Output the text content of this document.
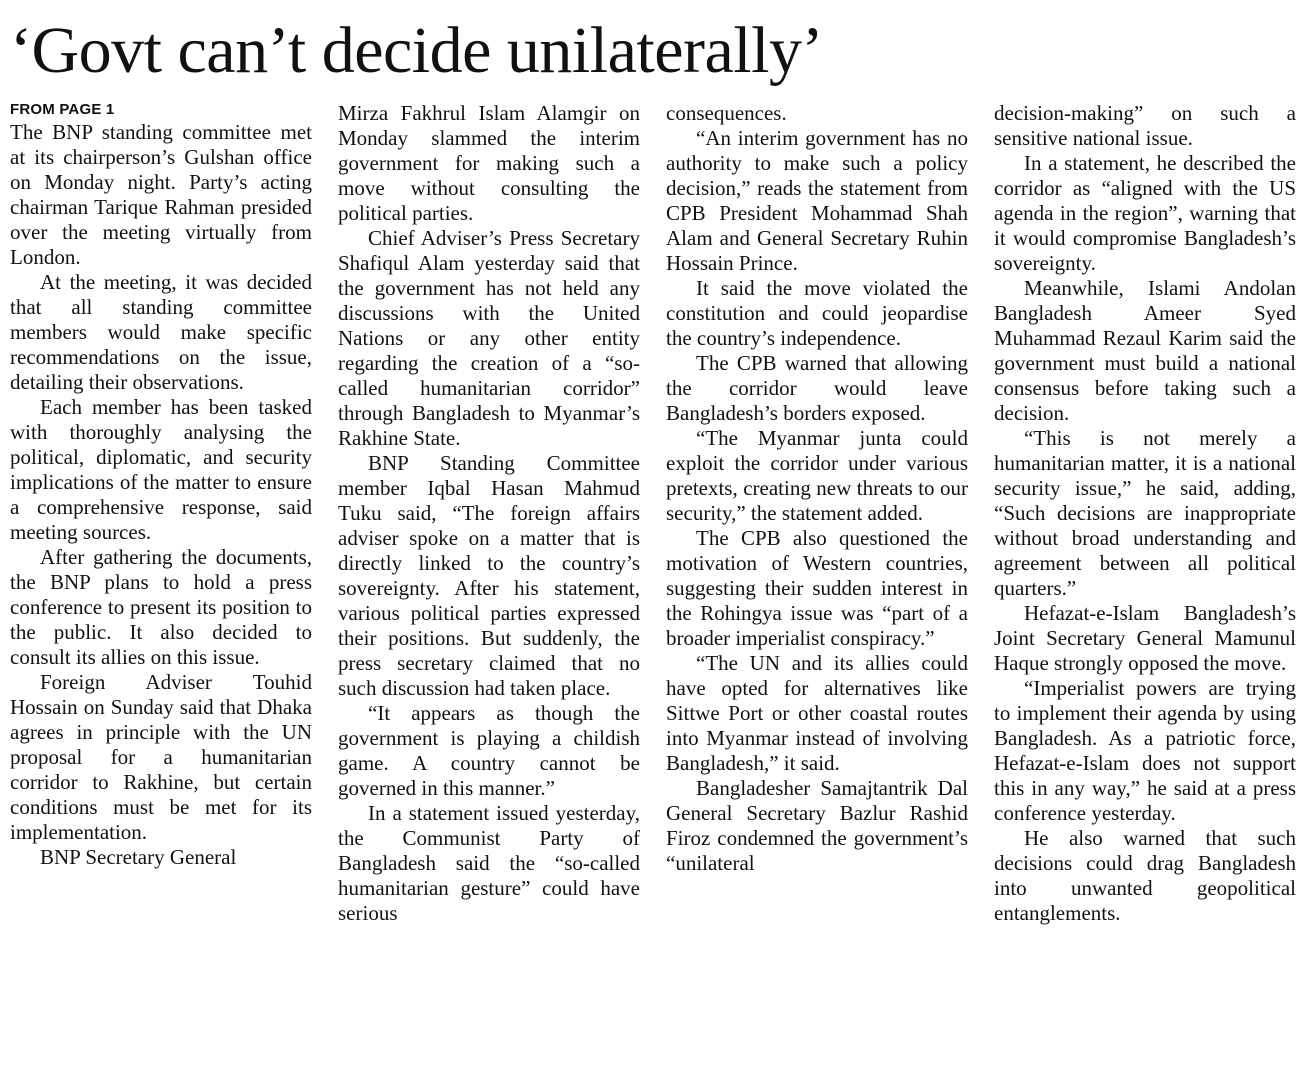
‘Govt can’t decide unilaterally’
FROM PAGE 1

The BNP standing committee met at its chairperson’s Gulshan office on Monday night. Party’s acting chairman Tarique Rahman presided over the meeting virtually from London.

At the meeting, it was decided that all standing committee members would make specific recommendations on the issue, detailing their observations.

Each member has been tasked with thoroughly analysing the political, diplomatic, and security implications of the matter to ensure a comprehensive response, said meeting sources.

After gathering the documents, the BNP plans to hold a press conference to present its position to the public. It also decided to consult its allies on this issue.

Foreign Adviser Touhid Hossain on Sunday said that Dhaka agrees in principle with the UN proposal for a humanitarian corridor to Rakhine, but certain conditions must be met for its implementation.

BNP Secretary General

Mirza Fakhrul Islam Alamgir on Monday slammed the interim government for making such a move without consulting the political parties.

Chief Adviser’s Press Secretary Shafiqul Alam yesterday said that the government has not held any discussions with the United Nations or any other entity regarding the creation of a “so-called humanitarian corridor” through Bangladesh to Myanmar’s Rakhine State.

BNP Standing Committee member Iqbal Hasan Mahmud Tuku said, “The foreign affairs adviser spoke on a matter that is directly linked to the country’s sovereignty. After his statement, various political parties expressed their positions. But suddenly, the press secretary claimed that no such discussion had taken place.

“It appears as though the government is playing a childish game. A country cannot be governed in this manner.”

In a statement issued yesterday, the Communist Party of Bangladesh said the “so-called humanitarian gesture” could have serious

consequences.

“An interim government has no authority to make such a policy decision,” reads the statement from CPB President Mohammad Shah Alam and General Secretary Ruhin Hossain Prince.

It said the move violated the constitution and could jeopardise the country’s independence.

The CPB warned that allowing the corridor would leave Bangladesh’s borders exposed.

“The Myanmar junta could exploit the corridor under various pretexts, creating new threats to our security,” the statement added.

The CPB also questioned the motivation of Western countries, suggesting their sudden interest in the Rohingya issue was “part of a broader imperialist conspiracy.”

“The UN and its allies could have opted for alternatives like Sittwe Port or other coastal routes into Myanmar instead of involving Bangladesh,” it said.

Bangladesher Samajtantrik Dal General Secretary Bazlur Rashid Firoz condemned the government’s “unilateral

decision-making” on such a sensitive national issue.

In a statement, he described the corridor as “aligned with the US agenda in the region”, warning that it would compromise Bangladesh’s sovereignty.

Meanwhile, Islami Andolan Bangladesh Ameer Syed Muhammad Rezaul Karim said the government must build a national consensus before taking such a decision.

“This is not merely a humanitarian matter, it is a national security issue,” he said, adding, “Such decisions are inappropriate without broad understanding and agreement between all political quarters.”

Hefazat-e-Islam Bangladesh’s Joint Secretary General Mamunul Haque strongly opposed the move.

“Imperialist powers are trying to implement their agenda by using Bangladesh. As a patriotic force, Hefazat-e-Islam does not support this in any way,” he said at a press conference yesterday.

He also warned that such decisions could drag Bangladesh into unwanted geopolitical entanglements.
